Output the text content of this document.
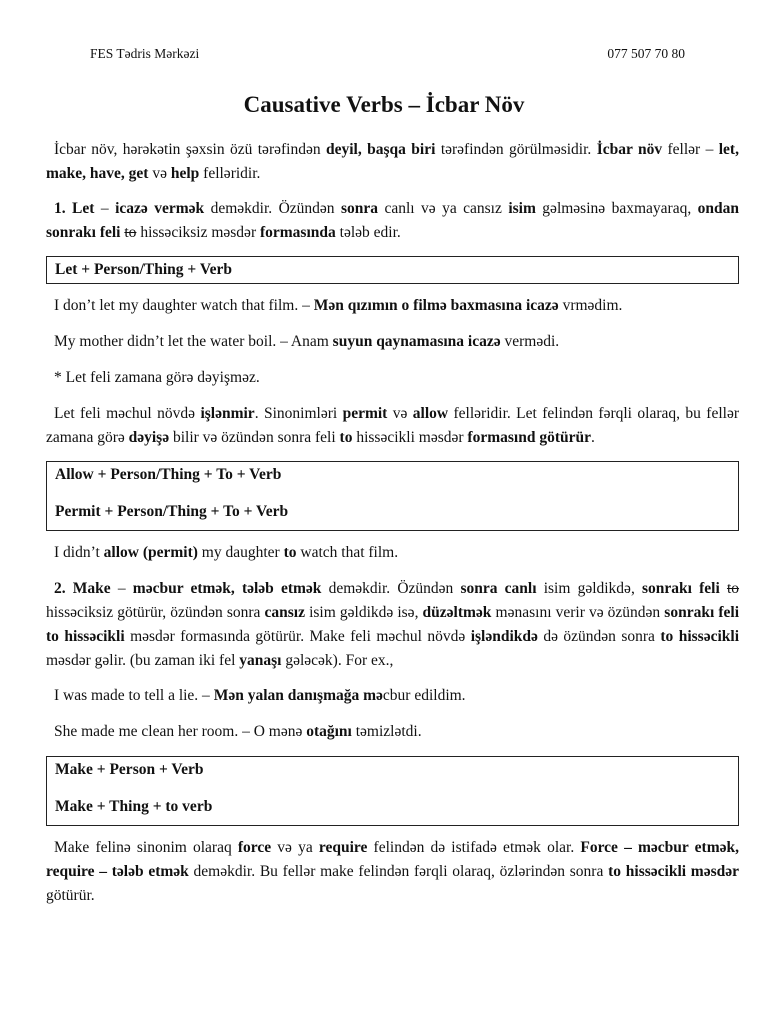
FES Tədris Mərkəzi	077 507 70 80
Causative Verbs – İcbar Növ

İcbar növ, hərəkətin şəxsin özü tərəfindən deyil, başqa biri tərəfindən görülməsidir. İcbar növ fellər – let, make, have, get və help felləridir.

1. Let – icazə vermək deməkdir. Özündən sonra canlı və ya cansız isim gəlməsinə baxmayaraq, ondan sonrakı feli to hissəciksiz məsdər formasında tələb edir.

Let + Person/Thing + Verb

I don’t let my daughter watch that film. – Mən qızımın o filmə baxmasına icazə vrmədim.

My mother didn’t let the water boil. – Anam suyun qaynamasına icazə vermədi.

* Let feli zamana görə dəyişməz.

Let feli məchul növdə işlənmir. Sinonimləri permit və allow felləridir. Let felindən fərqli olaraq, bu fellər zamana görə dəyişə bilir və özündən sonra feli to hissəcikli məsdər formasınd götürür.

Allow + Person/Thing + To + Verb

Permit + Person/Thing + To + Verb

I didn’t allow (permit) my daughter to watch that film.

2. Make – məcbur etmək, tələb etmək deməkdir. Özündən sonra canlı isim gəldikdə, sonrakı feli to hissəciksiz götürür, özündən sonra cansız isim gəldikdə isə, düzəltmək mənasını verir və özündən sonrakı feli to hissəcikli məsdər formasında götürür. Make feli məchul növdə işləndikdə də özündən sonra to hissəcikli məsdər gəlir. (bu zaman iki fel yanaşı gələcək). For ex.,

I was made to tell a lie. – Mən yalan danışmağa məcbur edildim.

She made me clean her room. – O mənə otağını təmizlətdi.

Make + Person + Verb

Make + Thing + to verb

Make felinə sinonim olaraq force və ya require felindən də istifadə etmək olar. Force – məcbur etmək, require – tələb etmək deməkdir. Bu fellər make felindən fərqli olaraq, özlərindən sonra to hissəcikli məsdər götürür.
